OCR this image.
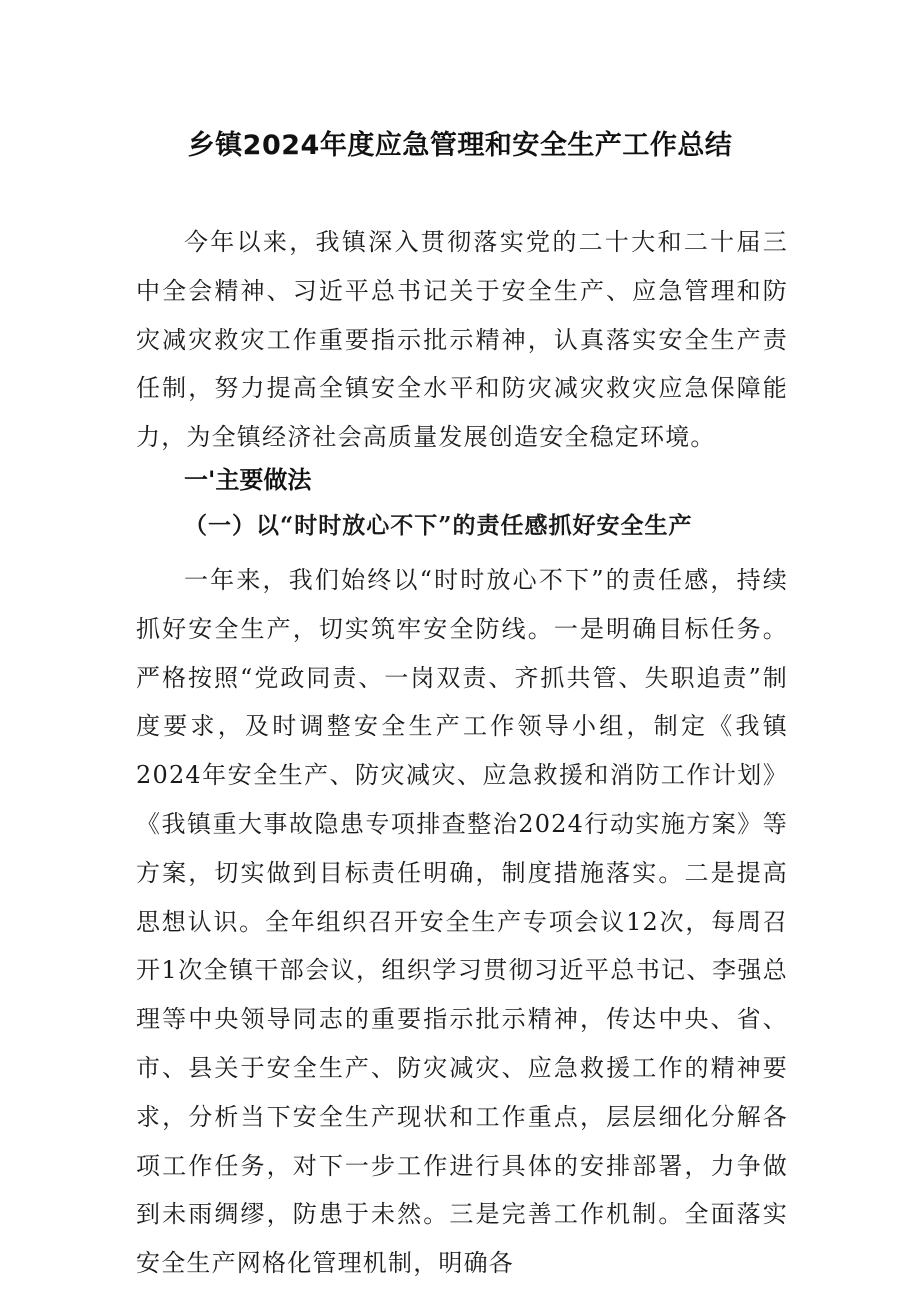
乡镇2024年度应急管理和安全生产工作总结

今年以来，我镇深入贯彻落实党的二十大和二十届三中全会精神、习近平总书记关于安全生产、应急管理和防灾减灾救灾工作重要指示批示精神，认真落实安全生产责任制，努力提高全镇安全水平和防灾减灾救灾应急保障能力，为全镇经济社会高质量发展创造安全稳定环境。

一'主要做法
（一）以“时时放心不下”的责任感抓好安全生产

一年来，我们始终以“时时放心不下”的责任感，持续抓好安全生产，切实筑牢安全防线。一是明确目标任务。严格按照“党政同责、一岗双责、齐抓共管、失职追责”制度要求，及时调整安全生产工作领导小组，制定《我镇2024年安全生产、防灾减灾、应急救援和消防工作计划》《我镇重大事故隐患专项排查整治2024行动实施方案》等方案，切实做到目标责任明确，制度措施落实。二是提高思想认识。全年组织召开安全生产专项会议12次，每周召开1次全镇干部会议，组织学习贯彻习近平总书记、李强总理等中央领导同志的重要指示批示精神，传达中央、省、市、县关于安全生产、防灾减灾、应急救援工作的精神要求，分析当下安全生产现状和工作重点，层层细化分解各项工作任务，对下一步工作进行具体的安排部署，力争做到未雨绸缪，防患于未然。三是完善工作机制。全面落实安全生产网格化管理机制，明确各
